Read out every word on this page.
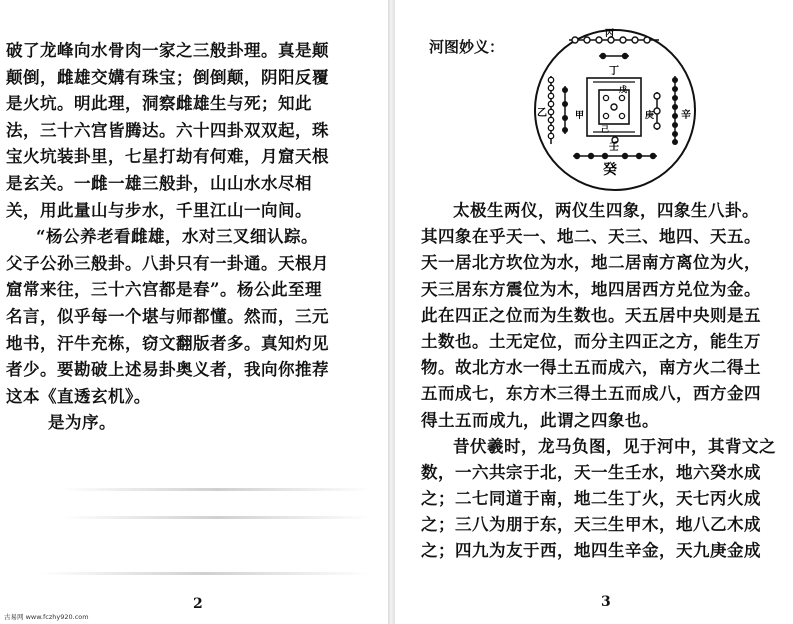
破了龙峰向水骨肉一家之三般卦理。真是颠
颠倒，雌雄交媾有珠宝；倒倒颠，阴阳反覆
是火坑。明此理，洞察雌雄生与死；知此
法，三十六宫皆腾达。六十四卦双双起，珠
宝火坑装卦里，七星打劫有何难，月窟天根
是玄关。一雌一雄三般卦，山山水水尽相
关，用此量山与步水，千里江山一向间。
“杨公养老看雌雄，水对三叉细认踪。
父子公孙三般卦。八卦只有一卦通。天根月
窟常来往，三十六宫都是春”。杨公此至理
名言，似乎每一个堪与师都懂。然而，三元
地书，汗牛充栋，窃文翻版者多。真知灼见
者少。要勘破上述易卦奥义者，我向你推荐
这本《直透玄机》。
是为序。
2
古易网 www.fczhy920.com
河图妙义：
丙
丁
癸
乙	辛
戊
己
甲	庚
壬
太极生两仪，两仪生四象，四象生八卦。
其四象在乎天一、地二、天三、地四、天五。
天一居北方坎位为水，地二居南方离位为火，
天三居东方震位为木，地四居西方兑位为金。
此在四正之位而为生数也。天五居中央则是五
土数也。土无定位，而分主四正之方，能生万
物。故北方水一得土五而成六，南方火二得土
五而成七，东方木三得土五而成八，西方金四
得土五而成九，此谓之四象也。
昔伏羲时，龙马负图，见于河中，其背文之
数，一六共宗于北，天一生壬水，地六癸水成
之；二七同道于南，地二生丁火，天七丙火成
之；三八为朋于东，天三生甲木，地八乙木成
之；四九为友于西，地四生辛金，天九庚金成
3
